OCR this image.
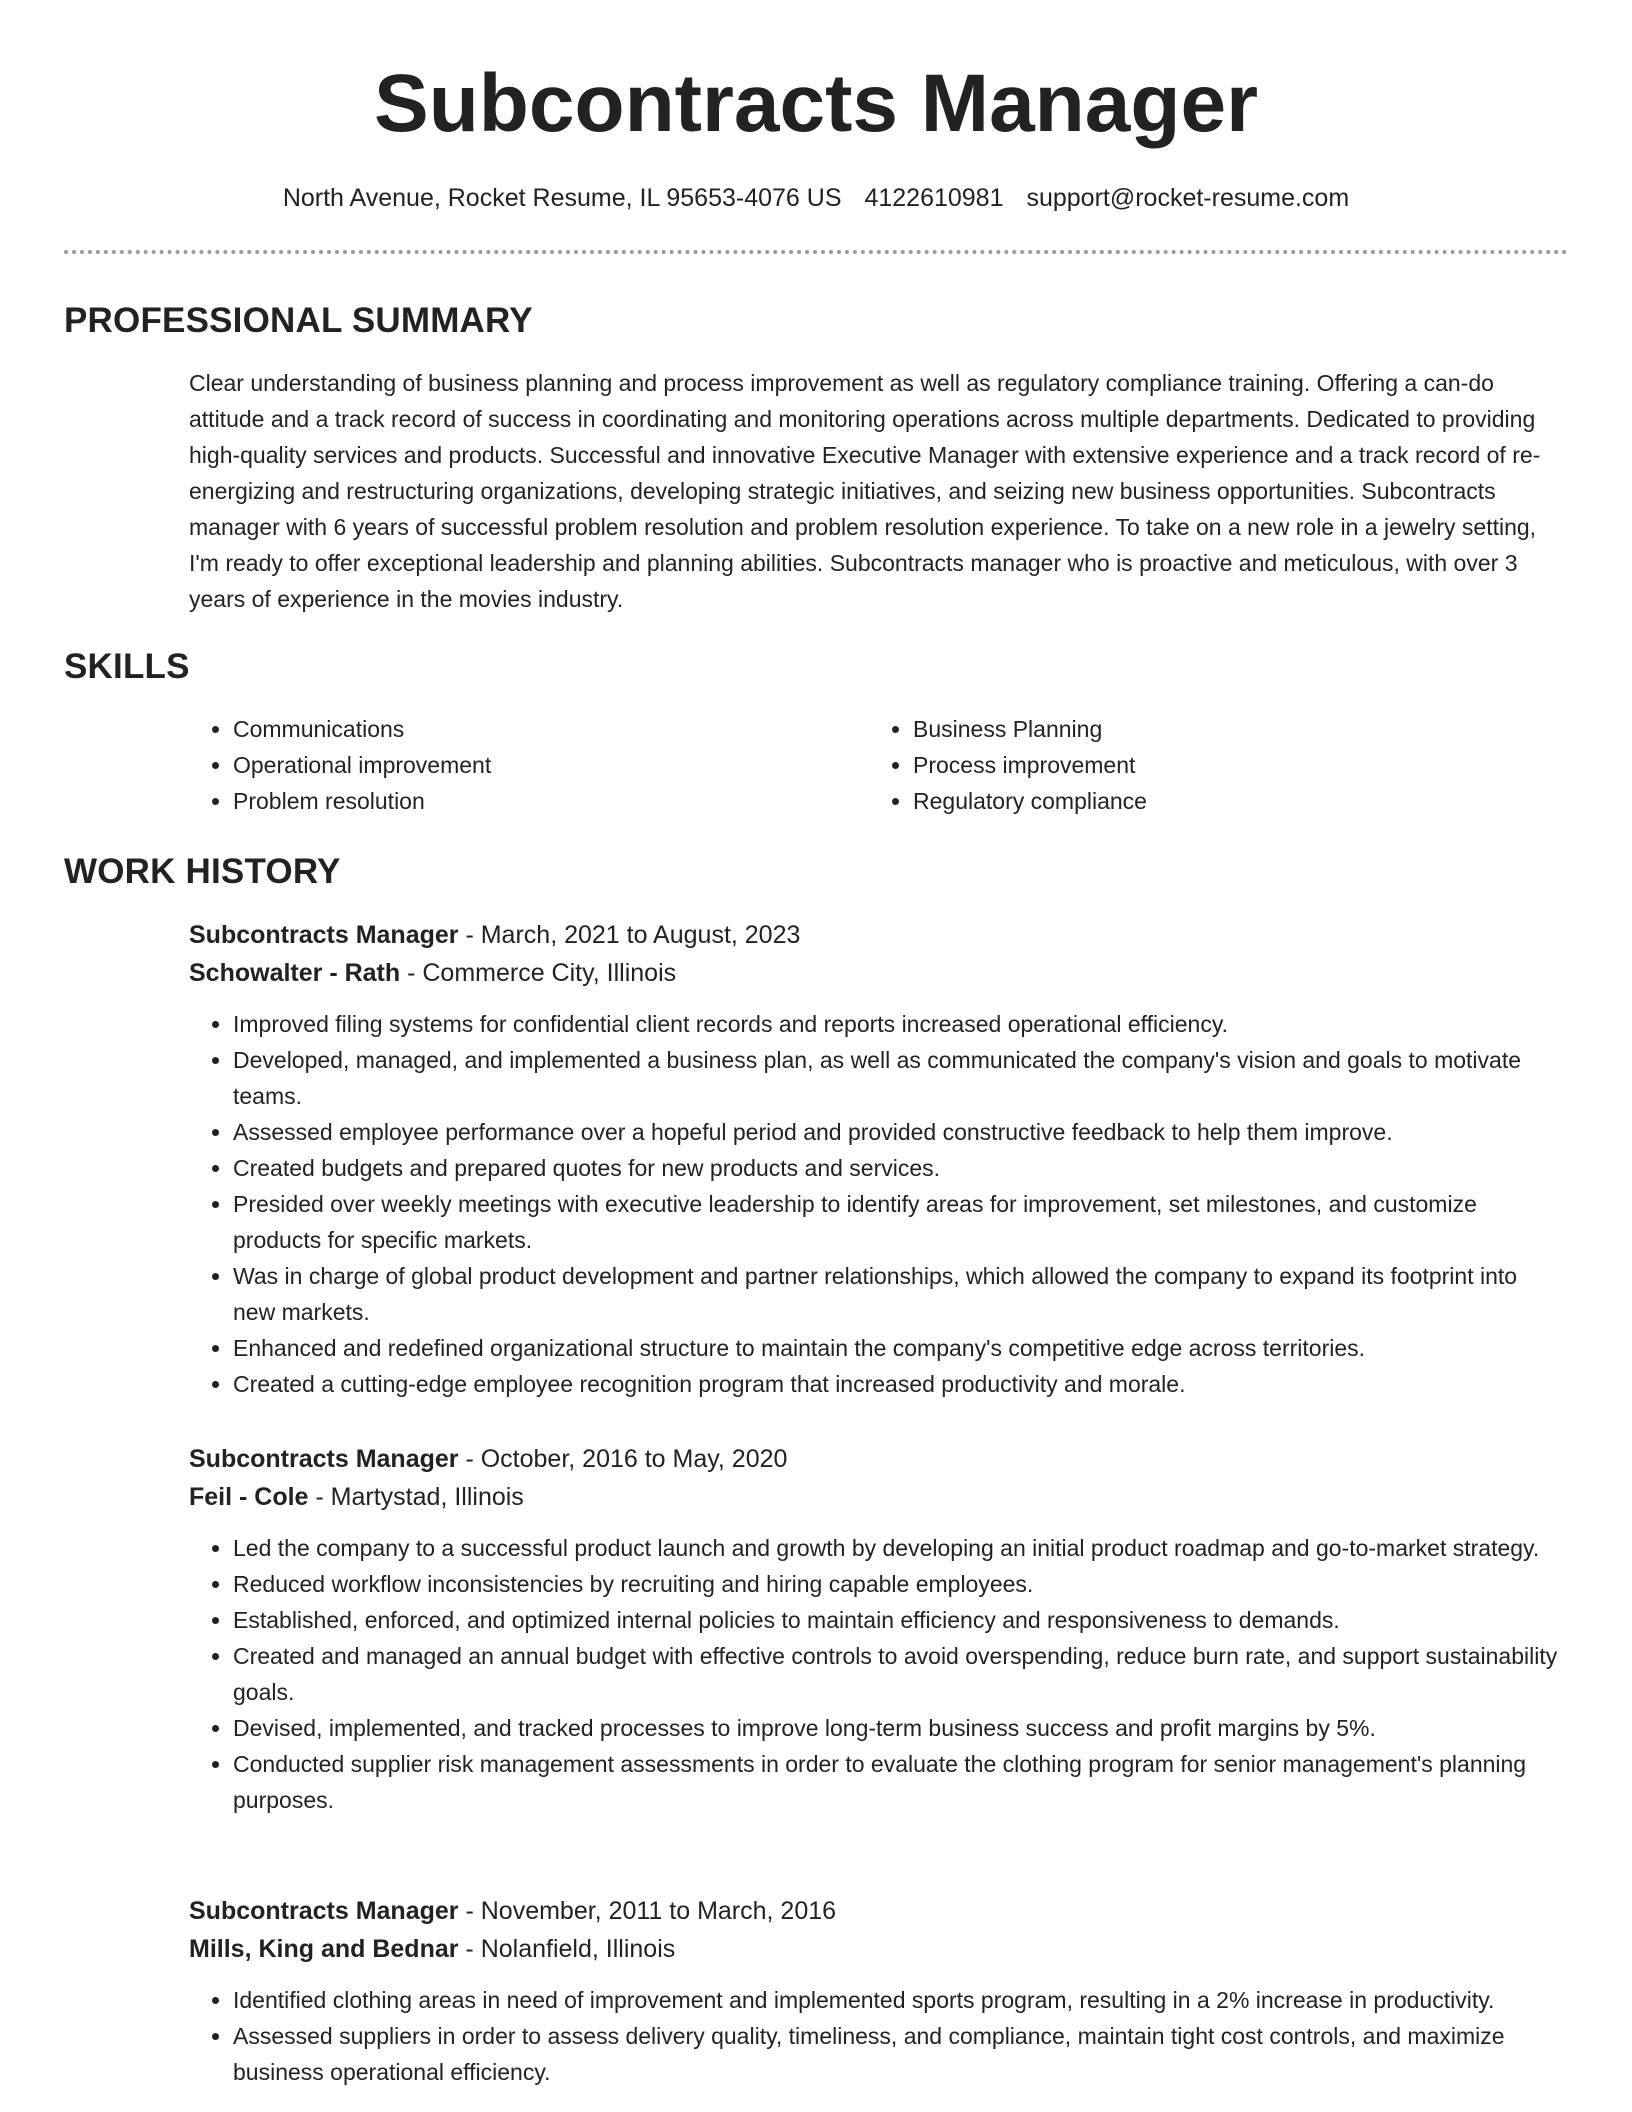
Subcontracts Manager
North Avenue, Rocket Resume, IL 95653-4076 US 4122610981 support@rocket-resume.com
PROFESSIONAL SUMMARY

Clear understanding of business planning and process improvement as well as regulatory compliance training. Offering a can-do attitude and a track record of success in coordinating and monitoring operations across multiple departments. Dedicated to providing high-quality services and products. Successful and innovative Executive Manager with extensive experience and a track record of re-energizing and restructuring organizations, developing strategic initiatives, and seizing new business opportunities. Subcontracts manager with 6 years of successful problem resolution and problem resolution experience. To take on a new role in a jewelry setting, I'm ready to offer exceptional leadership and planning abilities. Subcontracts manager who is proactive and meticulous, with over 3 years of experience in the movies industry.

SKILLS
• Communications
• Operational improvement
• Problem resolution
• Business Planning
• Process improvement
• Regulatory compliance
WORK HISTORY
Subcontracts Manager - March, 2021 to August, 2023
Schowalter - Rath - Commerce City, Illinois
• Improved filing systems for confidential client records and reports increased operational efficiency.
• Developed, managed, and implemented a business plan, as well as communicated the company's vision and goals to motivate teams.
• Assessed employee performance over a hopeful period and provided constructive feedback to help them improve.
• Created budgets and prepared quotes for new products and services.
• Presided over weekly meetings with executive leadership to identify areas for improvement, set milestones, and customize products for specific markets.
• Was in charge of global product development and partner relationships, which allowed the company to expand its footprint into new markets.
• Enhanced and redefined organizational structure to maintain the company's competitive edge across territories.
• Created a cutting-edge employee recognition program that increased productivity and morale.
Subcontracts Manager - October, 2016 to May, 2020
Feil - Cole - Martystad, Illinois
• Led the company to a successful product launch and growth by developing an initial product roadmap and go-to-market strategy.
• Reduced workflow inconsistencies by recruiting and hiring capable employees.
• Established, enforced, and optimized internal policies to maintain efficiency and responsiveness to demands.
• Created and managed an annual budget with effective controls to avoid overspending, reduce burn rate, and support sustainability goals.
• Devised, implemented, and tracked processes to improve long-term business success and profit margins by 5%.
• Conducted supplier risk management assessments in order to evaluate the clothing program for senior management's planning purposes.
Subcontracts Manager - November, 2011 to March, 2016
Mills, King and Bednar - Nolanfield, Illinois
• Identified clothing areas in need of improvement and implemented sports program, resulting in a 2% increase in productivity.
• Assessed suppliers in order to assess delivery quality, timeliness, and compliance, maintain tight cost controls, and maximize business operational efficiency.
